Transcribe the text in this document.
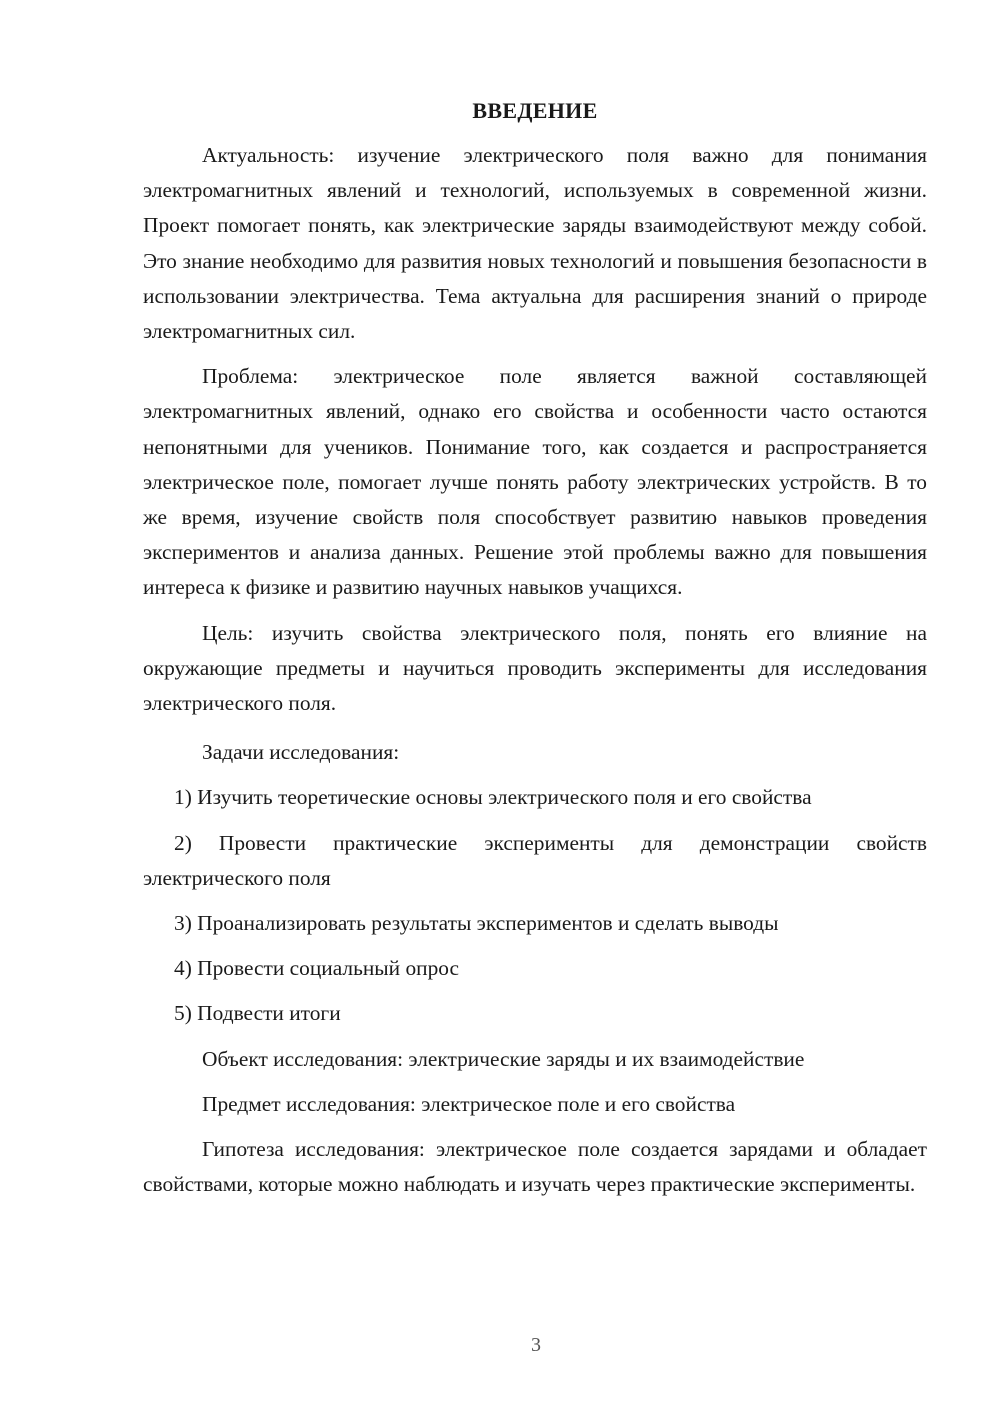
ВВЕДЕНИЕ

Актуальность: изучение электрического поля важно для понимания электромагнитных явлений и технологий, используемых в современной жизни. Проект помогает понять, как электрические заряды взаимодействуют между собой. Это знание необходимо для развития новых технологий и повышения безопасности в использовании электричества. Тема актуальна для расширения знаний о природе электромагнитных сил.

Проблема: электрическое поле является важной составляющей электромагнитных явлений, однако его свойства и особенности часто остаются непонятными для учеников. Понимание того, как создается и распространяется электрическое поле, помогает лучше понять работу электрических устройств. В то же время, изучение свойств поля способствует развитию навыков проведения экспериментов и анализа данных. Решение этой проблемы важно для повышения интереса к физике и развитию научных навыков учащихся.

Цель: изучить свойства электрического поля, понять его влияние на окружающие предметы и научиться проводить эксперименты для исследования электрического поля.

Задачи исследования:

1) Изучить теоретические основы электрического поля и его свойства

2) Провести практические эксперименты для демонстрации свойств электрического поля

3) Проанализировать результаты экспериментов и сделать выводы

4) Провести социальный опрос

5) Подвести итоги

Объект исследования: электрические заряды и их взаимодействие

Предмет исследования: электрическое поле и его свойства

Гипотеза исследования: электрическое поле создается зарядами и обладает свойствами, которые можно наблюдать и изучать через практические эксперименты.

3
